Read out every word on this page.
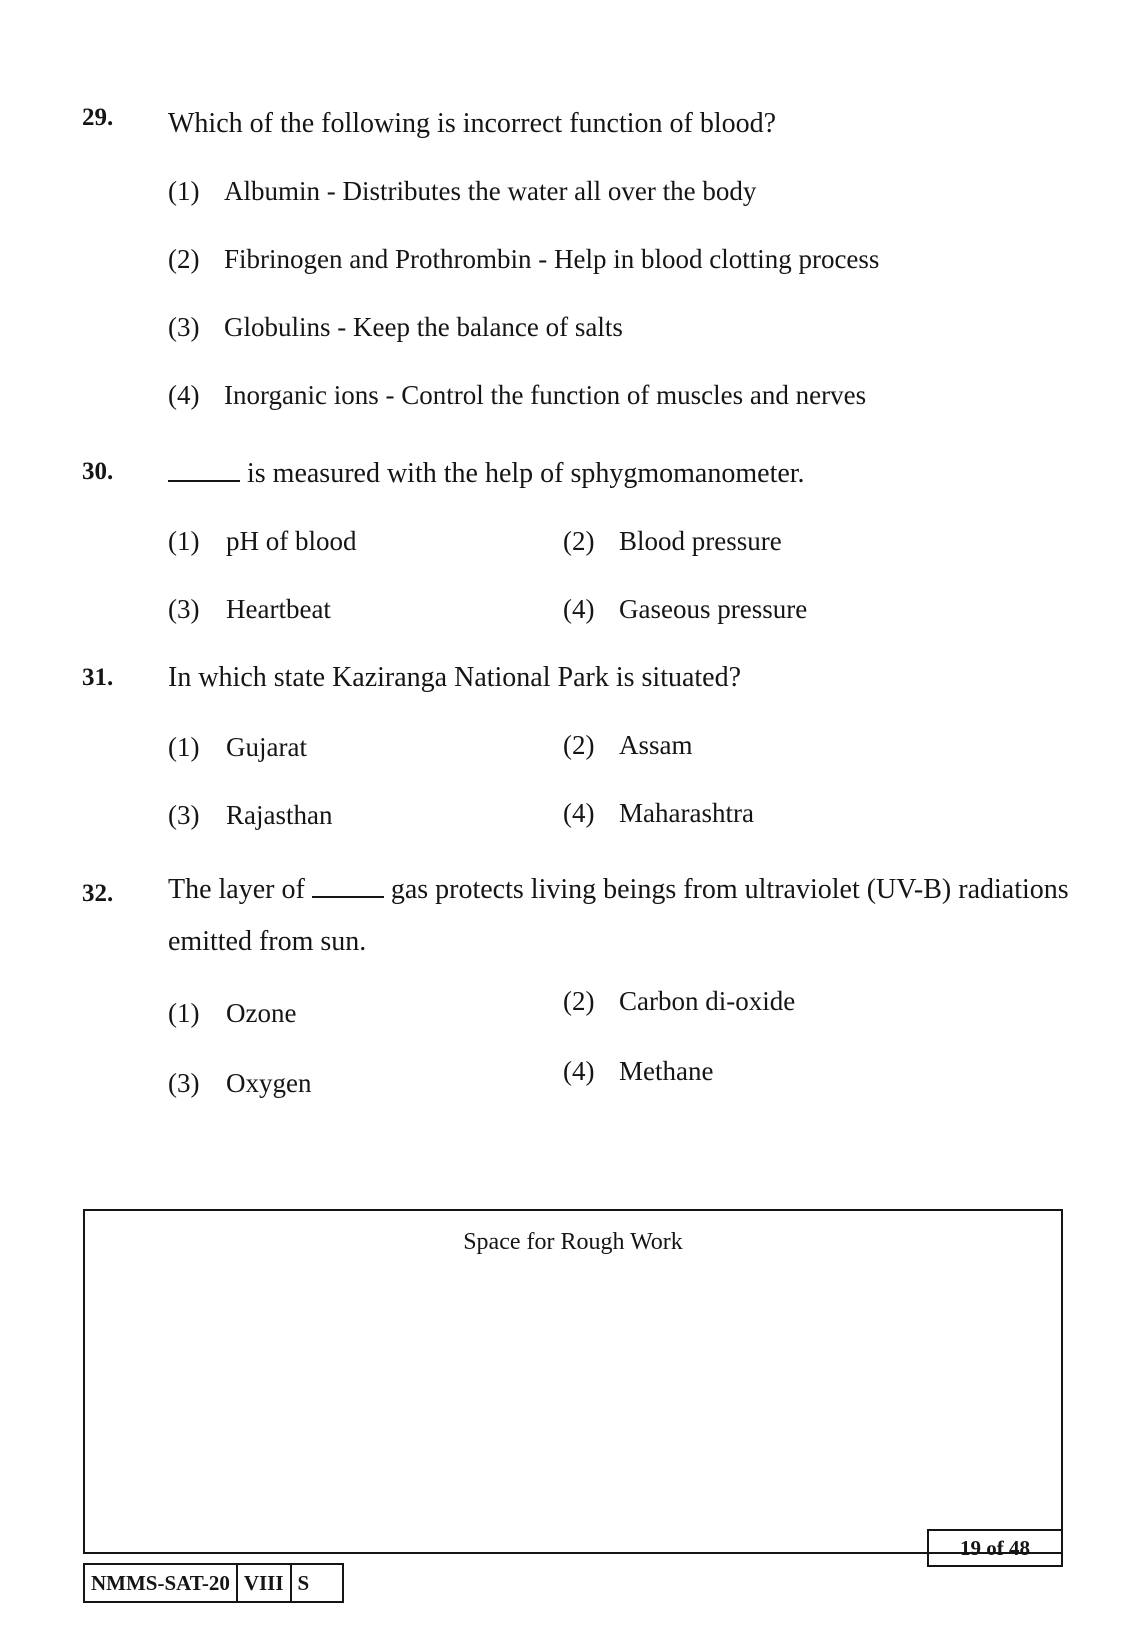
29. Which of the following is incorrect function of blood?
(1) Albumin - Distributes the water all over the body
(2) Fibrinogen and Prothrombin - Help in blood clotting process
(3) Globulins - Keep the balance of salts
(4) Inorganic ions - Control the function of muscles and nerves
30.	is measured with the help of sphygmomanometer.
(1) pH of blood	(2) Blood pressure
(3) Heartbeat	(4) Gaseous pressure
31. In which state Kaziranga National Park is situated?
(1) Gujarat	(2) Assam
(3) Rajasthan	(4) Maharashtra
32. The layer of	gas protects living beings from ultraviolet (UV-B) radiations
emitted from sun.
(1) Ozone	(2) Carbon di-oxide
(3) Oxygen	(4) Methane
Space for Rough Work
19 of 48
NMMS-SAT-20 VIII S
